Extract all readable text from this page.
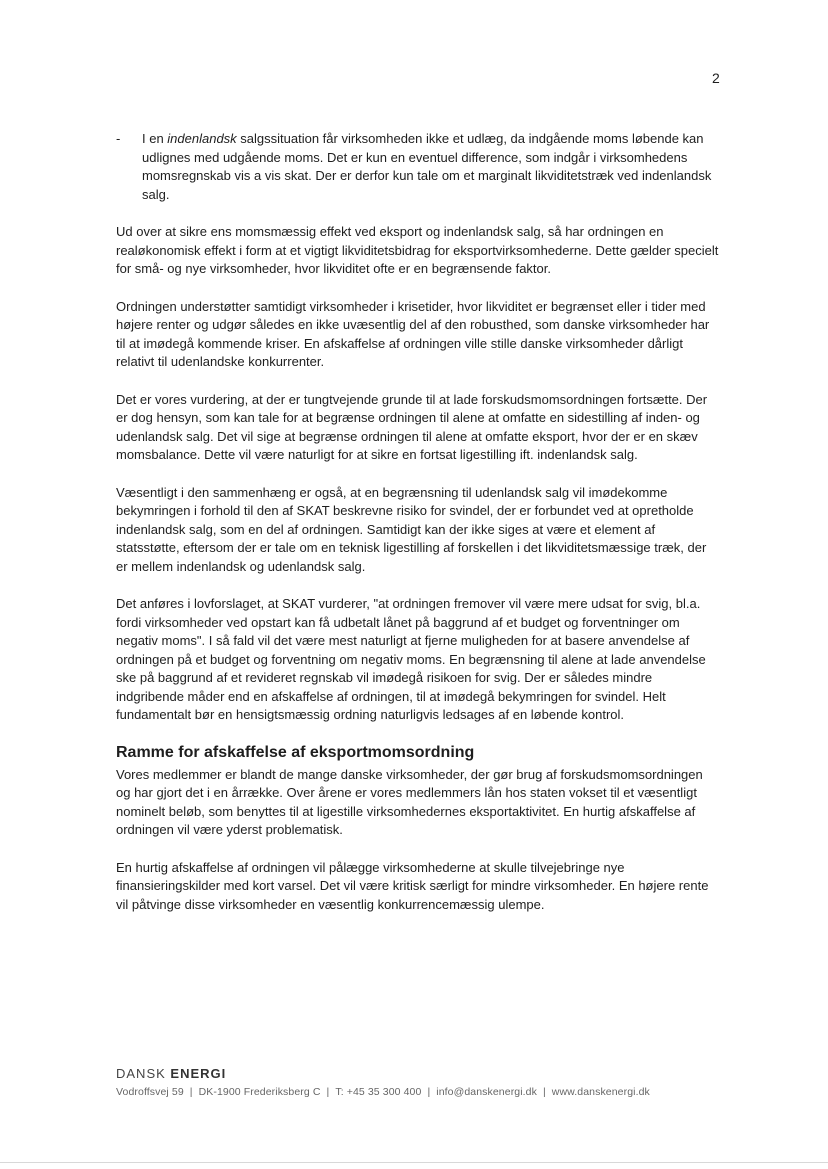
2
- I en indenlandsk salgssituation får virksomheden ikke et udlæg, da indgående moms løbende kan udlignes med udgående moms. Det er kun en eventuel difference, som indgår i virksomhedens momsregnskab vis a vis skat. Der er derfor kun tale om et marginalt likviditetstræk ved indenlandsk salg.

Ud over at sikre ens momsmæssig effekt ved eksport og indenlandsk salg, så har ordningen en realøkonomisk effekt i form at et vigtigt likviditetsbidrag for eksportvirksomhederne. Dette gælder specielt for små- og nye virksomheder, hvor likviditet ofte er en begrænsende faktor.

Ordningen understøtter samtidigt virksomheder i krisetider, hvor likviditet er begrænset eller i tider med højere renter og udgør således en ikke uvæsentlig del af den robusthed, som danske virksomheder har til at imødegå kommende kriser. En afskaffelse af ordningen ville stille danske virksomheder dårligt relativt til udenlandske konkurrenter.

Det er vores vurdering, at der er tungtvejende grunde til at lade forskudsmomsordningen fortsætte. Der er dog hensyn, som kan tale for at begrænse ordningen til alene at omfatte en sidestilling af inden- og udenlandsk salg. Det vil sige at begrænse ordningen til alene at omfatte eksport, hvor der er en skæv momsbalance. Dette vil være naturligt for at sikre en fortsat ligestilling ift. indenlandsk salg.

Væsentligt i den sammenhæng er også, at en begrænsning til udenlandsk salg vil imødekomme bekymringen i forhold til den af SKAT beskrevne risiko for svindel, der er forbundet ved at opretholde indenlandsk salg, som en del af ordningen. Samtidigt kan der ikke siges at være et element af statsstøtte, eftersom der er tale om en teknisk ligestilling af forskellen i det likviditetsmæssige træk, der er mellem indenlandsk og udenlandsk salg.

Det anføres i lovforslaget, at SKAT vurderer, "at ordningen fremover vil være mere udsat for svig, bl.a. fordi virksomheder ved opstart kan få udbetalt lånet på baggrund af et budget og forventninger om negativ moms". I så fald vil det være mest naturligt at fjerne muligheden for at basere anvendelse af ordningen på et budget og forventning om negativ moms. En begrænsning til alene at lade anvendelse ske på baggrund af et revideret regnskab vil imødegå risikoen for svig. Der er således mindre indgribende måder end en afskaffelse af ordningen, til at imødegå bekymringen for svindel. Helt fundamentalt bør en hensigtsmæssig ordning naturligvis ledsages af en løbende kontrol.

Ramme for afskaffelse af eksportmomsordning

Vores medlemmer er blandt de mange danske virksomheder, der gør brug af forskudsmomsordningen og har gjort det i en årrække. Over årene er vores medlemmers lån hos staten vokset til et væsentligt nominelt beløb, som benyttes til at ligestille virksomhedernes eksportaktivitet. En hurtig afskaffelse af ordningen vil være yderst problematisk.

En hurtig afskaffelse af ordningen vil pålægge virksomhederne at skulle tilvejebringe nye finansieringskilder med kort varsel. Det vil være kritisk særligt for mindre virksomheder. En højere rente vil påtvinge disse virksomheder en væsentlig konkurrencemæssig ulempe.

DANSK ENERGI
Vodroffsvej 59 | DK-1900 Frederiksberg C | T: +45 35 300 400 | info@danskenergi.dk | www.danskenergi.dk
